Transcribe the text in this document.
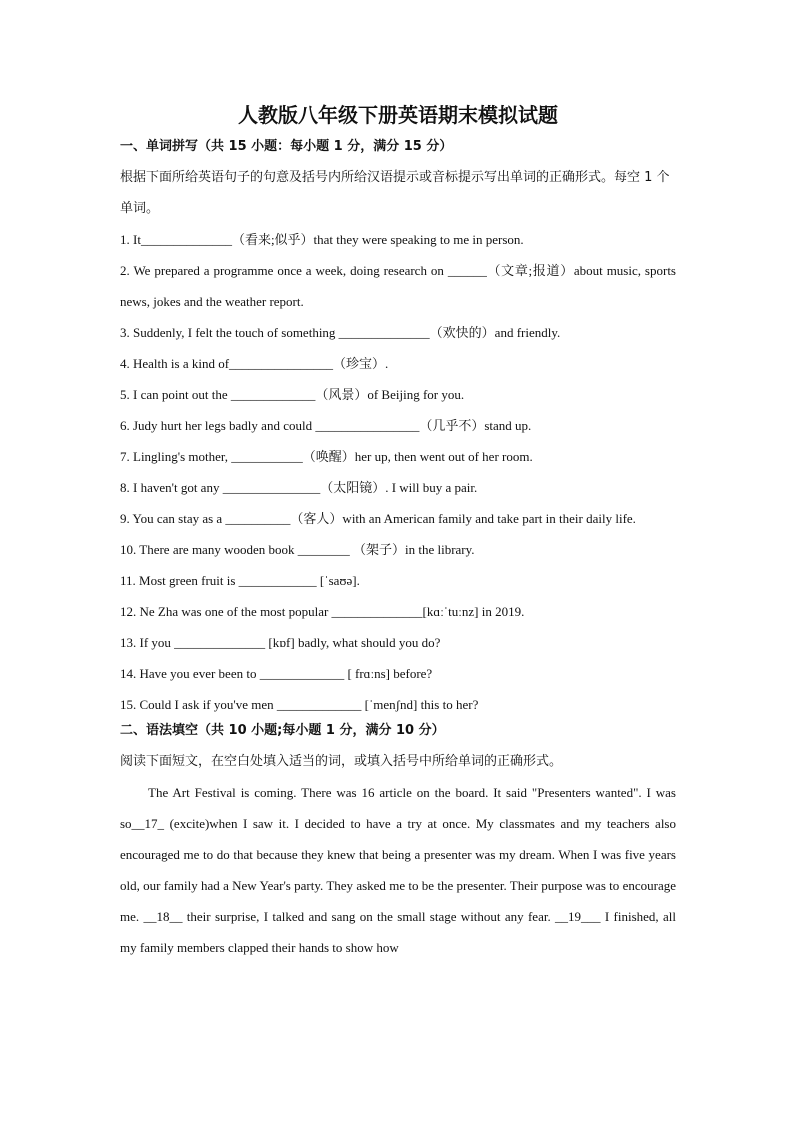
人教版八年级下册英语期末模拟试题
一、单词拼写（共 15 小题：每小题 1 分，满分 15 分）

根据下面所给英语句子的句意及括号内所给汉语提示或音标提示写出单词的正确形式。每空 1 个单词。

1. It______________（看来;似乎）that they were speaking to me in person.

2. We prepared a programme once a week, doing research on ______（文章;报道）about music, sports news, jokes and the weather report.

3. Suddenly, I felt the touch of something ______________（欢快的）and friendly.

4. Health is a kind of________________（珍宝）.

5. I can point out the _____________（风景）of Beijing for you.

6. Judy hurt her legs badly and could ________________（几乎不）stand up.

7. Lingling's mother, ___________（唤醒）her up, then went out of her room.

8. I haven't got any _______________（太阳镜）. I will buy a pair.

9. You can stay as a __________（客人）with an American family and take part in their daily life.

10. There are many wooden book ________ （架子）in the library.

11. Most green fruit is ____________ [ˈsaʊə].

12. Ne Zha was one of the most popular ______________[kɑːˈtuːnz] in 2019.

13. If you ______________ [kɒf] badly, what should you do?

14. Have you ever been to _____________ [ frɑːns] before?

15. Could I ask if you've men _____________ [ˈmenʃnd] this to her?

二、语法填空（共 10 小题;每小题 1 分，满分 10 分）

阅读下面短文，在空白处填入适当的词，或填入括号中所给单词的正确形式。

The Art Festival is coming. There was 16 article on the board. It said "Presenters wanted". I was so__17_ (excite)when I saw it. I decided to have a try at once. My classmates and my teachers also encouraged me to do that because they knew that being a presenter was my dream. When I was five years old, our family had a New Year's party. They asked me to be the presenter. Their purpose was to encourage me. __18__ their surprise, I talked and sang on the small stage without any fear. __19___ I finished, all my family members clapped their hands to show how
